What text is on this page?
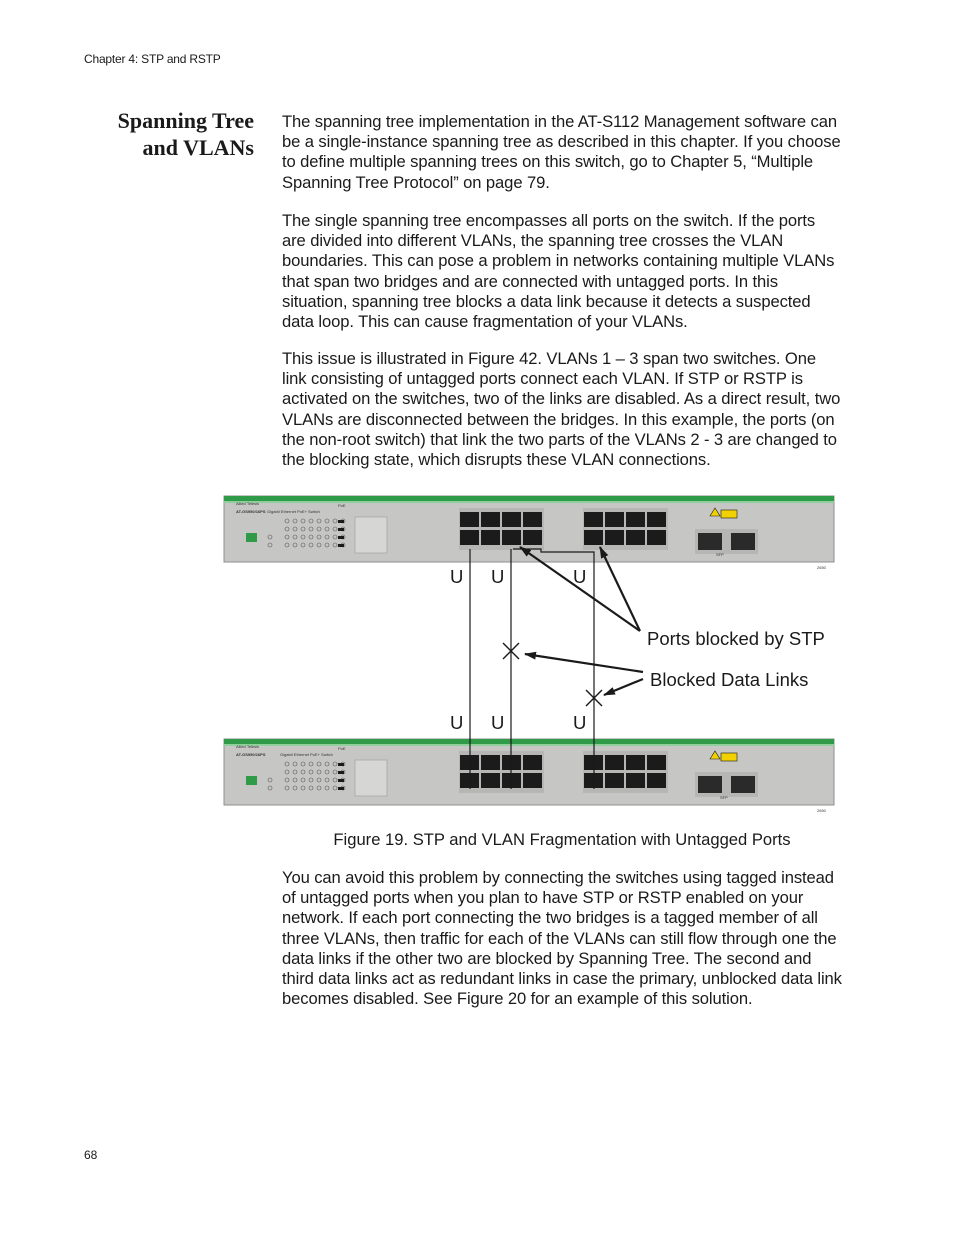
Chapter 4: STP and RSTP
Spanning Tree
and VLANs

The spanning tree implementation in the AT-S112 Management software can be a single-instance spanning tree as described in this chapter. If you choose to define multiple spanning trees on this switch, go to Chapter 5, “Multiple Spanning Tree Protocol” on page 79.

The single spanning tree encompasses all ports on the switch. If the ports are divided into different VLANs, the spanning tree crosses the VLAN boundaries. This can pose a problem in networks containing multiple VLANs that span two bridges and are connected with untagged ports. In this situation, spanning tree blocks a data link because it detects a suspected data loop. This can cause fragmentation of your VLANs.

This issue is illustrated in Figure 42. VLANs 1 – 3 span two switches. One link consisting of untagged ports connect each VLAN. If STP or RSTP is activated on the switches, two of the links are disabled. As a direct result, two VLANs are disconnected between the bridges. In this example, the ports (on the non-root switch) that link the two parts of the VLANs 2 - 3 are changed to the blocking state, which disrupts these VLAN connections.

Allied Telesis
AT-GS950/16PS Gigabit Ethernet PoE+ Switch
PoE
SFP
2650
Allied Telesis
AT-GS950/16PS	Gigabit Ethernet PoE+ Switch
PoE
SFP
2650
U U	U
U U	U
Ports blocked by STP
Blocked Data Links
Figure 19. STP and VLAN Fragmentation with Untagged Ports

You can avoid this problem by connecting the switches using tagged instead of untagged ports when you plan to have STP or RSTP enabled on your network. If each port connecting the two bridges is a tagged member of all three VLANs, then traffic for each of the VLANs can still flow through one the data links if the other two are blocked by Spanning Tree. The second and third data links act as redundant links in case the primary, unblocked data link becomes disabled. See Figure 20 for an example of this solution.

68
